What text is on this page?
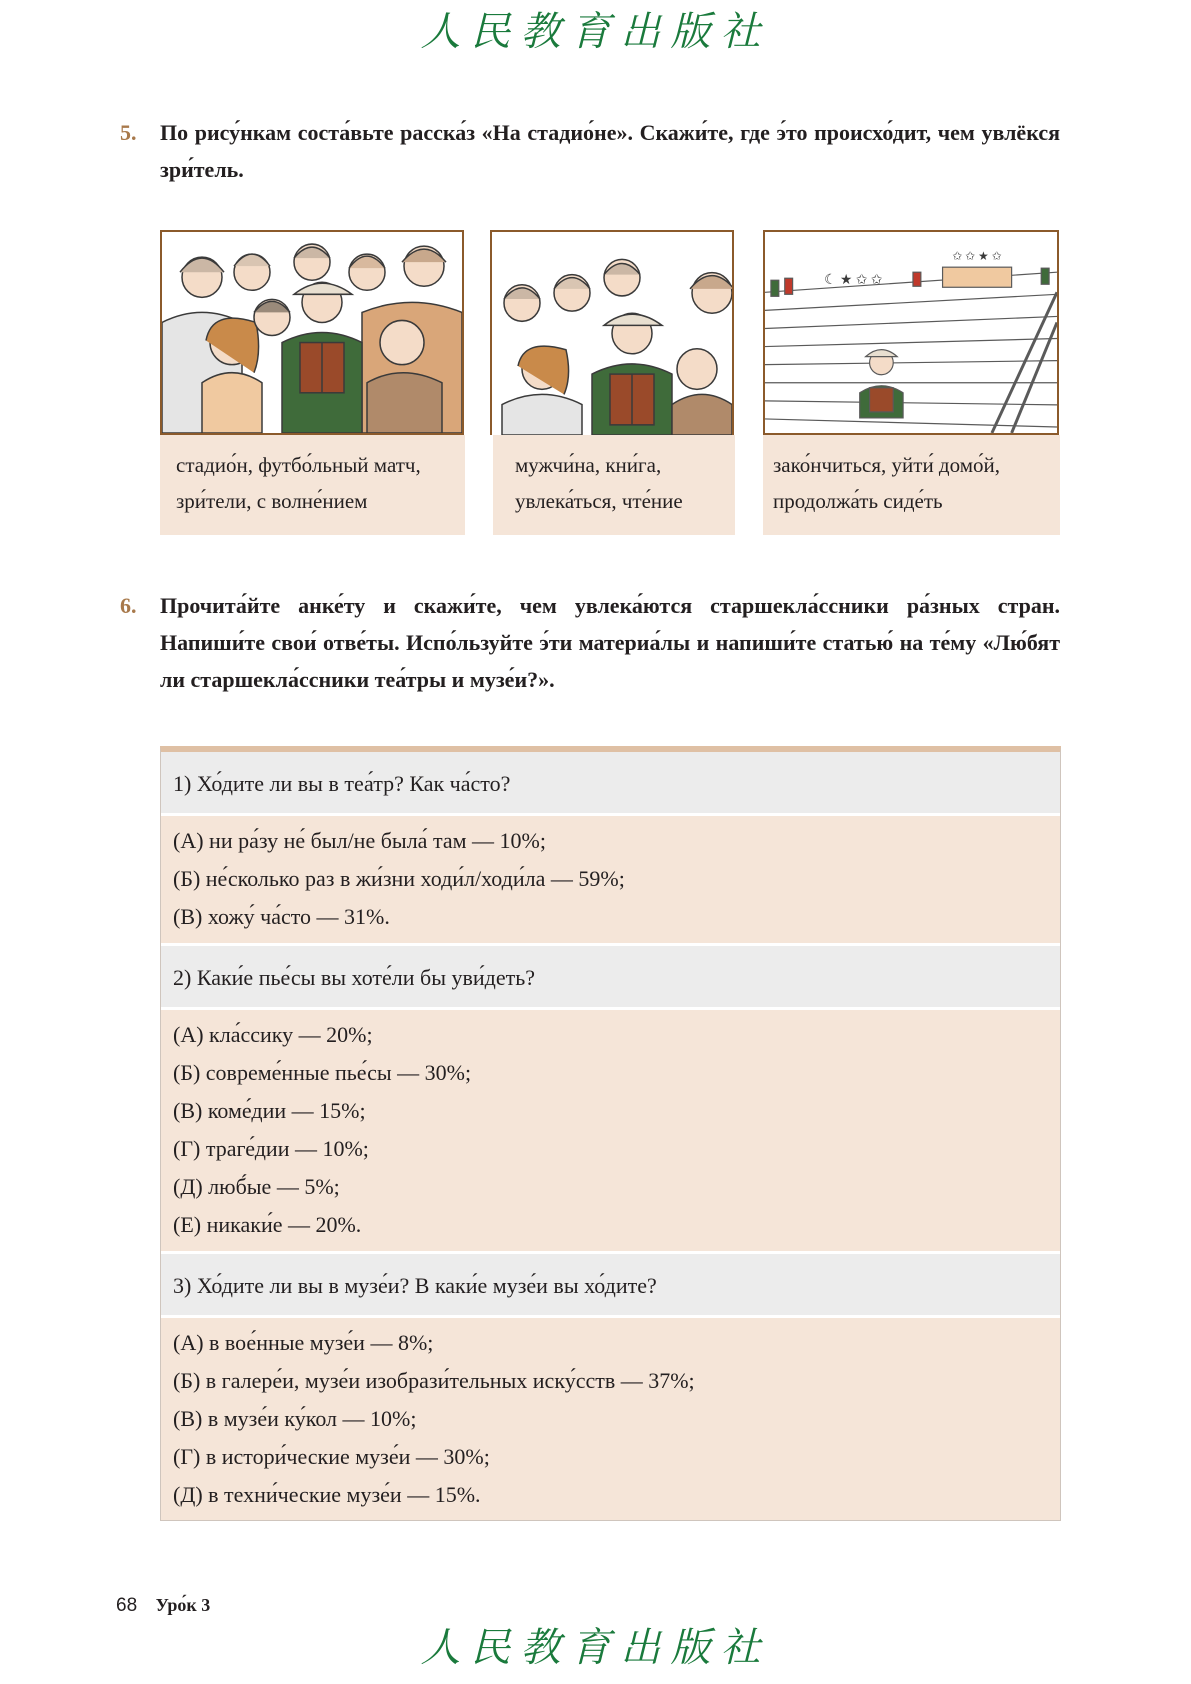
人民教育出版社
5. По рису́нкам соста́вьте расска́з «На стадио́не». Скажи́те, где э́то происхо́дит, чем увлёкся зри́тель.
☾ ★ ✩ ✩
✩ ✩ ★ ✩
стадио́н, футбо́льный матч,
зри́тели, с волне́нием
мужчи́на, кни́га,
увлека́ться, чте́ние
зако́нчиться, уйти́ домо́й,
продолжа́ть сиде́ть
6. Прочита́йте анке́ту и скажи́те, чем увлека́ются старшекла́ссники ра́зных стран. Напиши́те свои́ отве́ты. Испо́льзуйте э́ти материа́лы и напиши́те статью́ на те́му «Лю́бят ли старшекла́ссники теа́тры и музе́и?».
1) Хо́дите ли вы в теа́тр? Как ча́сто?
(А) ни ра́зу не́ был/не была́ там — 10%;
(Б) не́сколько раз в жи́зни ходи́л/ходи́ла — 59%;
(В) хожу́ ча́сто — 31%.
2) Каки́е пье́сы вы хоте́ли бы уви́деть?
(А) кла́ссику — 20%;
(Б) совреме́нные пье́сы — 30%;
(В) коме́дии — 15%;
(Г) траге́дии — 10%;
(Д) люб́ые — 5%;
(Е) никаки́е — 20%.
3) Хо́дите ли вы в музе́и? В каки́е музе́и вы хо́дите?
(А) в вое́нные музе́и — 8%;
(Б) в галере́и, музе́и изобрази́тельных иску́сств — 37%;
(В) в музе́и ку́кол — 10%;
(Г) в истори́ческие музе́и — 30%;
(Д) в техни́ческие музе́и — 15%.
68 Уро́к 3
人民教育出版社
